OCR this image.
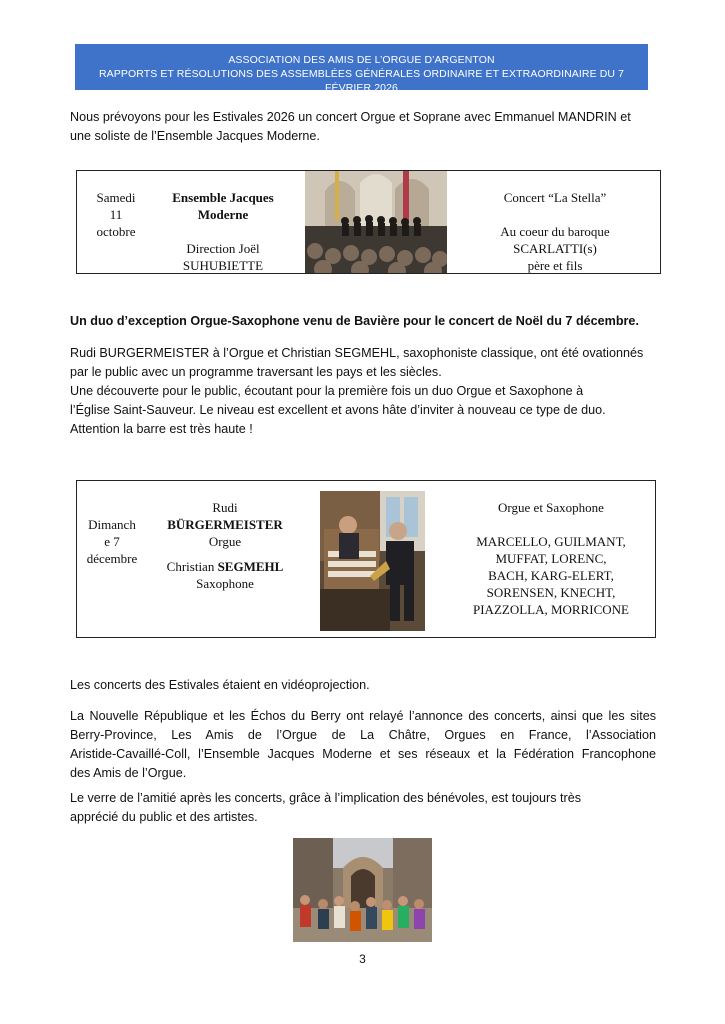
ASSOCIATION DES AMIS DE L’ORGUE D’ARGENTON
RAPPORTS ET RÉSOLUTIONS DES ASSEMBLÉES GÉNÉRALES ORDINAIRE ET EXTRAORDINAIRE DU 7 FÉVRIER 2026
Nous prévoyons pour les Estivales 2026 un concert Orgue et Soprane avec Emmanuel MANDRIN et
une soliste de l’Ensemble Jacques Moderne.
Samedi
11
octobre
Ensemble Jacques
Moderne
Direction Joël
SUHUBIETTE
Concert “La Stella”
Au coeur du baroque
SCARLATTI(s)
père et fils
Un duo d’exception Orgue-Saxophone venu de Bavière pour le concert de Noël du 7 décembre.
Rudi BURGERMEISTER à l’Orgue et Christian SEGMEHL, saxophoniste classique, ont été ovationnés
par le public avec un programme traversant les pays et les siècles.
Une découverte pour le public, écoutant pour la première fois un duo Orgue et Saxophone à
l’Église Saint-Sauveur. Le niveau est excellent et avons hâte d’inviter à nouveau ce type de duo.
Attention la barre est très haute !
Dimanch
e 7
décembre
Rudi
BÜRGERMEISTER
Orgue
Christian SEGMEHL
Saxophone
Orgue et Saxophone
MARCELLO, GUILMANT,
MUFFAT, LORENC,
BACH, KARG-ELERT,
SORENSEN, KNECHT,
PIAZZOLLA, MORRICONE
Les concerts des Estivales étaient en vidéoprojection.
La Nouvelle République et les Échos du Berry ont relayé l’annonce des concerts, ainsi que les sites
Berry-Province, Les Amis de l’Orgue de La Châtre, Orgues en France, l’Association
Aristide-Cavaillé-Coll, l’Ensemble Jacques Moderne et ses réseaux et la Fédération Francophone
des Amis de l’Orgue.
Le verre de l’amitié après les concerts, grâce à l’implication des bénévoles, est toujours très
apprécié du public et des artistes.
3
